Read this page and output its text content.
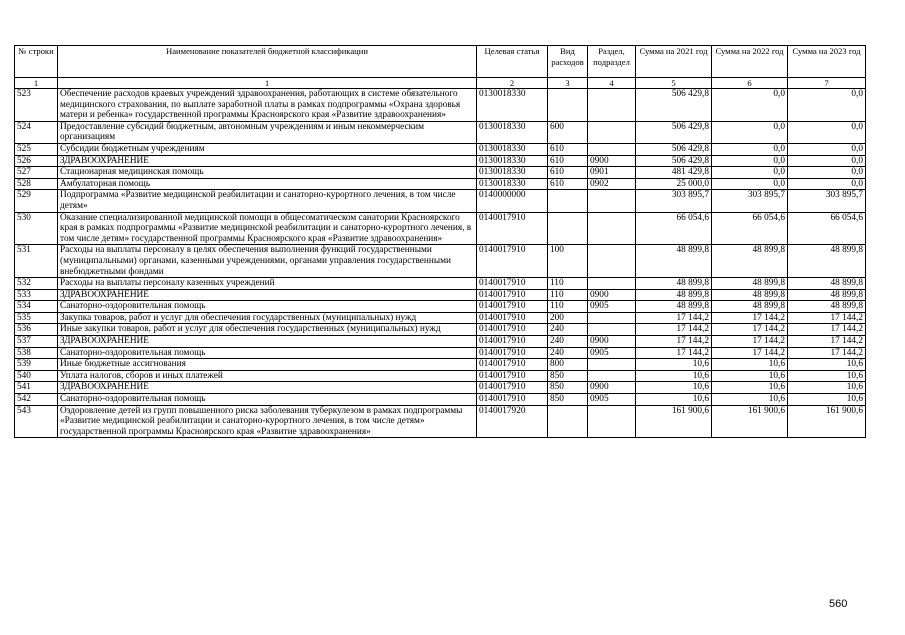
№ строки	Наименование показателей бюджетной классификации	Целевая статья	Вид расходов	Раздел, подраздел	Сумма на 2021 год	Сумма на 2022 год	Сумма на 2023 год
1	1	2	3	4	5	6	7
523	Обеспечение расходов краевых учреждений здравоохранения, работающих в системе обязательного медицинского страхования, по выплате заработной платы в рамках подпрограммы «Охрана здоровья матери и ребенка» государственной программы Красноярского края «Развитие здравоохранения»	0130018330			506 429,8	0,0	0,0
524	Предоставление субсидий бюджетным, автономным учреждениям и иным некоммерческим организациям	0130018330	600		506 429,8	0,0	0,0
525	Субсидии бюджетным учреждениям	0130018330	610		506 429,8	0,0	0,0
526	ЗДРАВООХРАНЕНИЕ	0130018330	610	0900	506 429,8	0,0	0,0
527	Стационарная медицинская помощь	0130018330	610	0901	481 429,8	0,0	0,0
528	Амбулаторная помощь	0130018330	610	0902	25 000,0	0,0	0,0
529	Подпрограмма «Развитие медицинской реабилитации и санаторно-курортного лечения, в том числе детям»	0140000000			303 895,7	303 895,7	303 895,7
530	Оказание специализированной медицинской помощи в общесоматическом санатории Красноярского края в рамках подпрограммы «Развитие медицинской реабилитации и санаторно-курортного лечения, в том числе детям» государственной программы Красноярского края «Развитие здравоохранения»	0140017910			66 054,6	66 054,6	66 054,6
531	Расходы на выплаты персоналу в целях обеспечения выполнения функций государственными (муниципальными) органами, казенными учреждениями, органами управления государственными внебюджетными фондами	0140017910	100		48 899,8	48 899,8	48 899,8
532	Расходы на выплаты персоналу казенных учреждений	0140017910	110		48 899,8	48 899,8	48 899,8
533	ЗДРАВООХРАНЕНИЕ	0140017910	110	0900	48 899,8	48 899,8	48 899,8
534	Санаторно-оздоровительная помощь	0140017910	110	0905	48 899,8	48 899,8	48 899,8
535	Закупка товаров, работ и услуг для обеспечения государственных (муниципальных) нужд	0140017910	200		17 144,2	17 144,2	17 144,2
536	Иные закупки товаров, работ и услуг для обеспечения государственных (муниципальных) нужд	0140017910	240		17 144,2	17 144,2	17 144,2
537	ЗДРАВООХРАНЕНИЕ	0140017910	240	0900	17 144,2	17 144,2	17 144,2
538	Санаторно-оздоровительная помощь	0140017910	240	0905	17 144,2	17 144,2	17 144,2
539	Иные бюджетные ассигнования	0140017910	800		10,6	10,6	10,6
540	Уплата налогов, сборов и иных платежей	0140017910	850		10,6	10,6	10,6
541	ЗДРАВООХРАНЕНИЕ	0140017910	850	0900	10,6	10,6	10,6
542	Санаторно-оздоровительная помощь	0140017910	850	0905	10,6	10,6	10,6
543	Оздоровление детей из групп повышенного риска заболевания туберкулезом в рамках подпрограммы «Развитие медицинской реабилитации и санаторно-курортного лечения, в том числе детям» государственной программы Красноярского края «Развитие здравоохранения»	0140017920			161 900,6	161 900,6	161 900,6
560
